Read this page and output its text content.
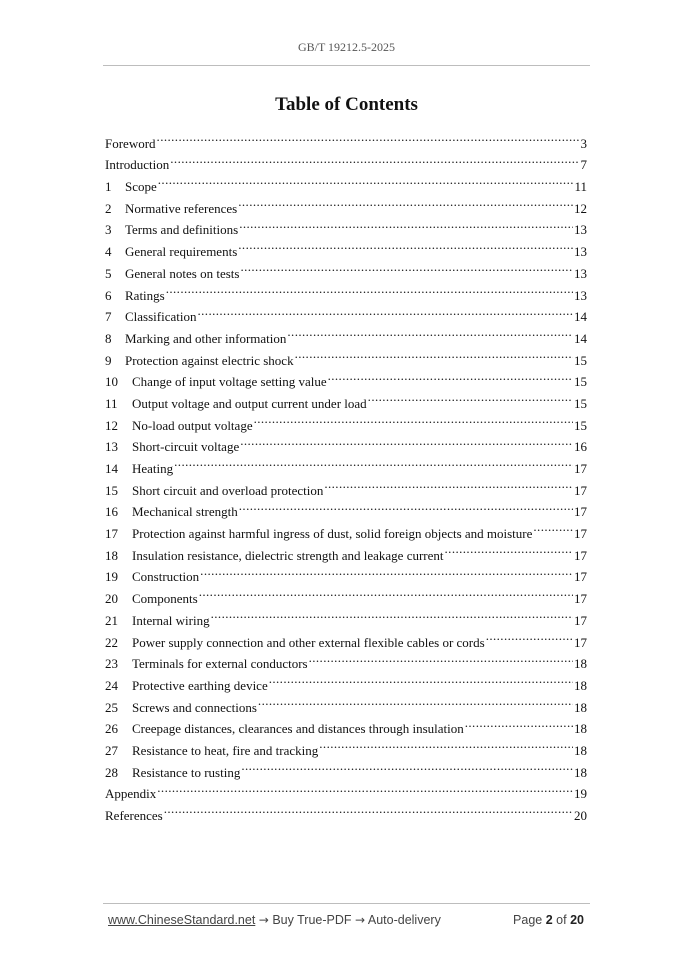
GB/T 19212.5-2025
Table of Contents
Foreword .....	3
Introduction .....	7
1	Scope .....	11
2	Normative references .....	12
3	Terms and definitions .....	13
4	General requirements .....	13
5	General notes on tests .....	13
6	Ratings .....	13
7	Classification .....	14
8	Marking and other information .....	14
9	Protection against electric shock .....	15
10	Change of input voltage setting value .....	15
11	Output voltage and output current under load .....	15
12	No-load output voltage .....	15
13	Short-circuit voltage .....	16
14	Heating .....	17
15	Short circuit and overload protection .....	17
16	Mechanical strength .....	17
17	Protection against harmful ingress of dust, solid foreign objects and moisture .....	17
18	Insulation resistance, dielectric strength and leakage current .....	17
19	Construction .....	17
20	Components .....	17
21	Internal wiring .....	17
22	Power supply connection and other external flexible cables or cords .....	17
23	Terminals for external conductors .....	18
24	Protective earthing device .....	18
25	Screws and connections .....	18
26	Creepage distances, clearances and distances through insulation .....	18
27	Resistance to heat, fire and tracking .....	18
28	Resistance to rusting .....	18
Appendix .....	19
References .....	20
www.ChineseStandard.net → Buy True-PDF → Auto-delivery	Page 2 of 20
